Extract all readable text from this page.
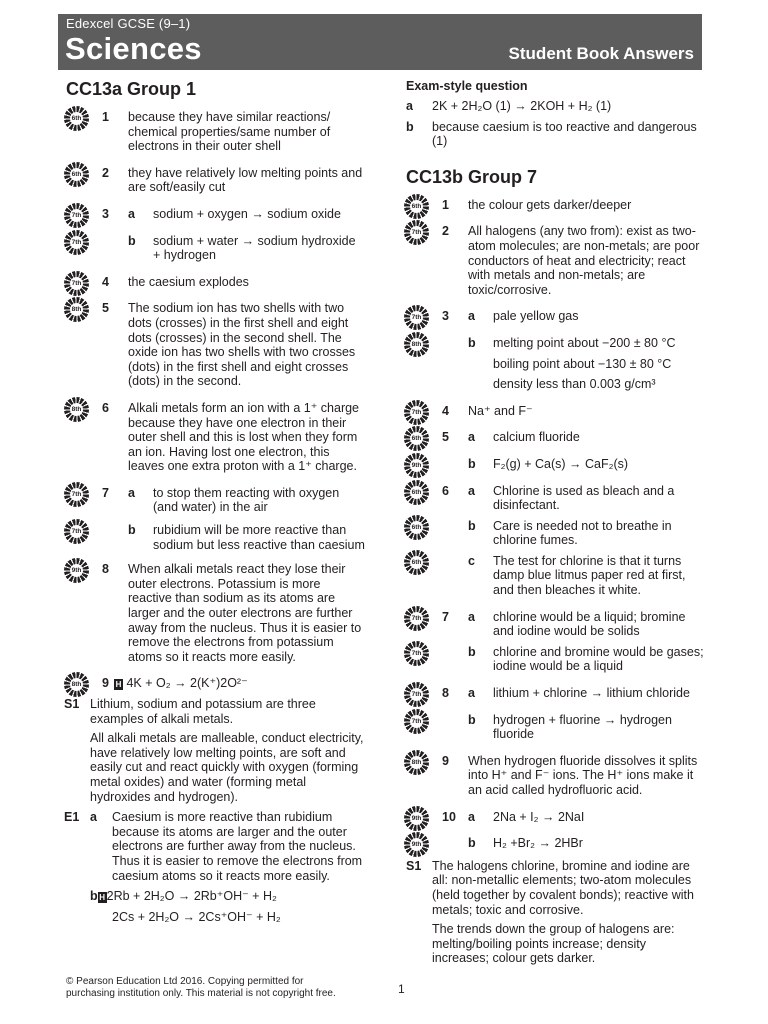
Edexcel GCSE (9–1)
Sciences	Student Book Answers
CC13a Group 1
6th
1 because they have similar reactions/ chemical properties/same number of electrons in their outer shell
6th
2 they have relatively low melting points and are soft/easily cut
7th
3 a sodium + oxygen → sodium oxide
7th
b sodium + water → sodium hydroxide + hydrogen
7th
4 the caesium explodes
8th
5 The sodium ion has two shells with two dots (crosses) in the first shell and eight dots (crosses) in the second shell. The oxide ion has two shells with two crosses (dots) in the first shell and eight crosses (dots) in the second.
8th
6 Alkali metals form an ion with a 1⁺ charge because they have one electron in their outer shell and this is lost when they form an ion. Having lost one electron, this leaves one extra proton with a 1⁺ charge.
7th
7 a to stop them reacting with oxygen (and water) in the air
7th
b rubidium will be more reactive than sodium but less reactive than caesium
9th
8 When alkali metals react they lose their outer electrons. Potassium is more reactive than sodium as its atoms are larger and the outer electrons are further away from the nucleus. Thus it is easier to remove the electrons from potassium atoms so it reacts more easily.
8th
9 H 4K + O₂ → 2(K⁺)2O²⁻
S1 Lithium, sodium and potassium are three examples of alkali metals.
All alkali metals are malleable, conduct electricity, have relatively low melting points, are soft and easily cut and react quickly with oxygen (forming metal oxides) and water (forming metal hydroxides and hydrogen).
E1 a Caesium is more reactive than rubidium because its atoms are larger and the outer electrons are further away from the nucleus. Thus it is easier to remove the electrons from caesium atoms so it reacts more easily.
b H 2Rb + 2H₂O → 2Rb⁺OH⁻ + H₂
2Cs + 2H₂O → 2Cs⁺OH⁻ + H₂
Exam-style question
a 2K + 2H₂O (1) → 2KOH + H₂ (1)
b because caesium is too reactive and dangerous (1)
CC13b Group 7
6th
1 the colour gets darker/deeper
7th
2 All halogens (any two from): exist as two-atom molecules; are non-metals; are poor conductors of heat and electricity; react with metals and non-metals; are toxic/corrosive.
7th
3 a pale yellow gas
8th
b melting point about −200 ± 80 °C
boiling point about −130 ± 80 °C
density less than 0.003 g/cm³
7th
4 Na⁺ and F⁻
6th
5 a calcium fluoride
9th
b F₂(g) + Ca(s) → CaF₂(s)
6th
6 a Chlorine is used as bleach and a disinfectant.
6th
b Care is needed not to breathe in chlorine fumes.
6th
c The test for chlorine is that it turns damp blue litmus paper red at first, and then bleaches it white.
7th
7 a chlorine would be a liquid; bromine and iodine would be solids
7th
b chlorine and bromine would be gases; iodine would be a liquid
7th
8 a lithium + chlorine → lithium chloride
7th
b hydrogen + fluorine → hydrogen fluoride
8th
9 When hydrogen fluoride dissolves it splits into H⁺ and F⁻ ions. The H⁺ ions make it an acid called hydrofluoric acid.
9th
10 a 2Na + I₂ → 2NaI
9th
b H₂ +Br₂ → 2HBr
S1 The halogens chlorine, bromine and iodine are all: non-metallic elements; two-atom molecules (held together by covalent bonds); reactive with metals; toxic and corrosive.
The trends down the group of halogens are: melting/boiling points increase; density increases; colour gets darker.
© Pearson Education Ltd 2016. Copying permitted for
purchasing institution only. This material is not copyright free.	1
